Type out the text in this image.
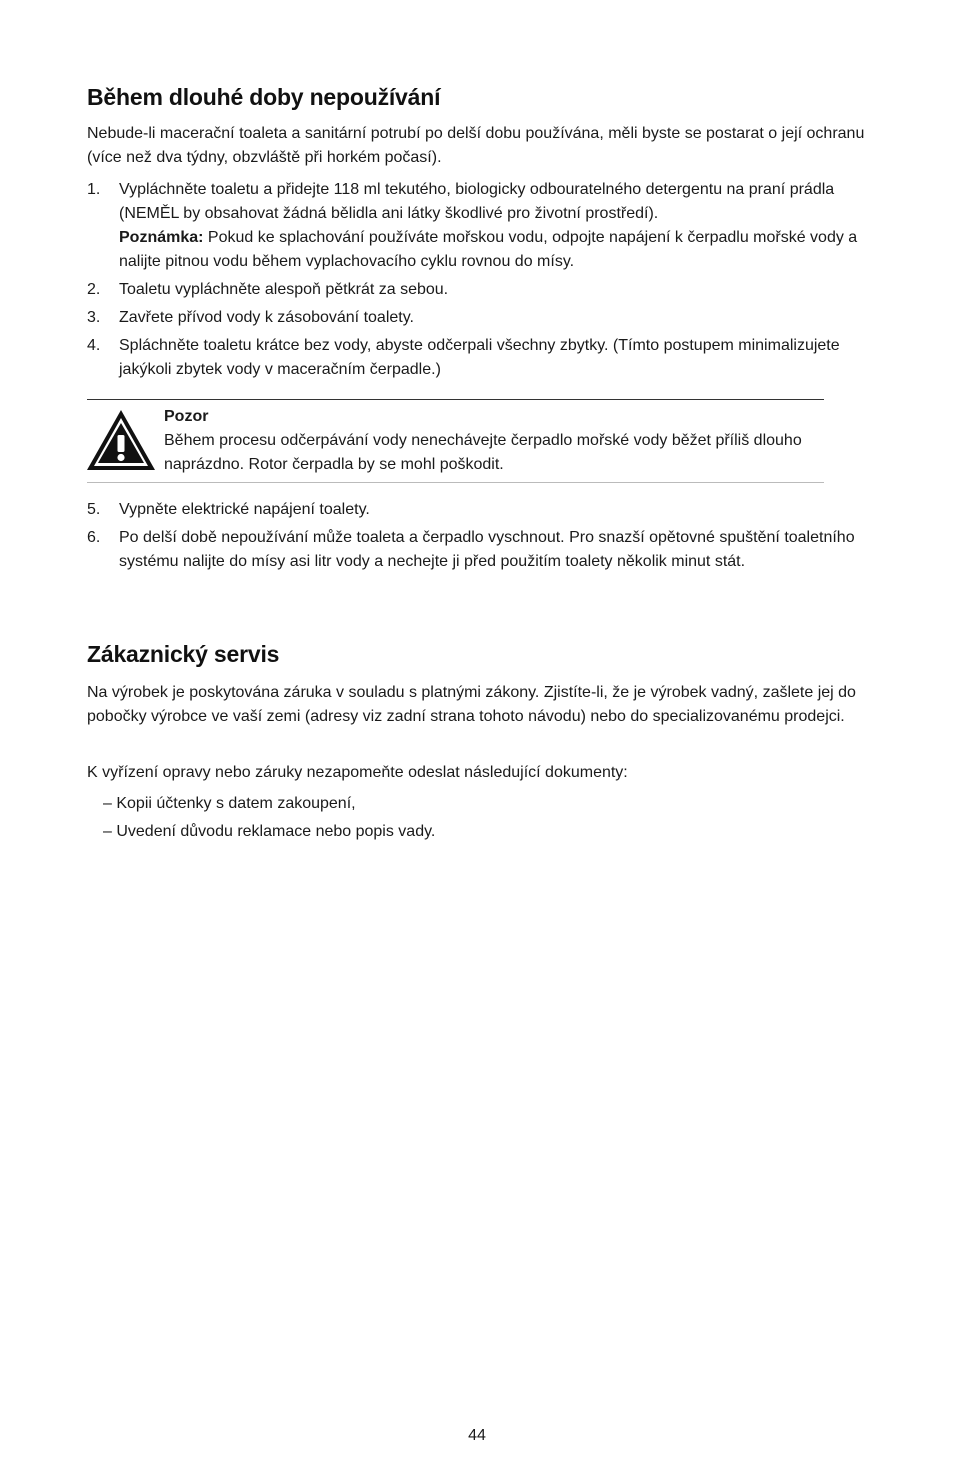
Během dlouhé doby nepoužívání

Nebude-li macerační toaleta a sanitární potrubí po delší dobu používána, měli byste se postarat o její ochranu (více než dva týdny, obzvláště při horkém počasí).

1. Vypláchněte toaletu a přidejte 118 ml tekutého, biologicky odbouratelného detergentu na praní prádla (NEMĚL by obsahovat žádná bělidla ani látky škodlivé pro životní prostředí).
Poznámka: Pokud ke splachování používáte mořskou vodu, odpojte napájení k čerpadlu mořské vody a nalijte pitnou vodu během vyplachovacího cyklu rovnou do mísy.
2. Toaletu vypláchněte alespoň pětkrát za sebou.
3. Zavřete přívod vody k zásobování toalety.
4. Spláchněte toaletu krátce bez vody, abyste odčerpali všechny zbytky. (Tímto postupem minimalizujete jakýkoli zbytek vody v maceračním čerpadle.)
Pozor
Během procesu odčerpávání vody nenechávejte čerpadlo mořské vody běžet příliš dlouho naprázdno. Rotor čerpadla by se mohl poškodit.
5. Vypněte elektrické napájení toalety.
6. Po delší době nepoužívání může toaleta a čerpadlo vyschnout. Pro snazší opětovné spuštění toaletního systému nalijte do mísy asi litr vody a nechejte ji před použitím toalety několik minut stát.
Zákaznický servis

Na výrobek je poskytována záruka v souladu s platnými zákony. Zjistíte-li, že je výrobek vadný, zašlete jej do pobočky výrobce ve vaší zemi (adresy viz zadní strana tohoto návodu) nebo do specializovanému prodejci.

K vyřízení opravy nebo záruky nezapomeňte odeslat následující dokumenty:

– Kopii účtenky s datem zakoupení,
– Uvedení důvodu reklamace nebo popis vady.
44
